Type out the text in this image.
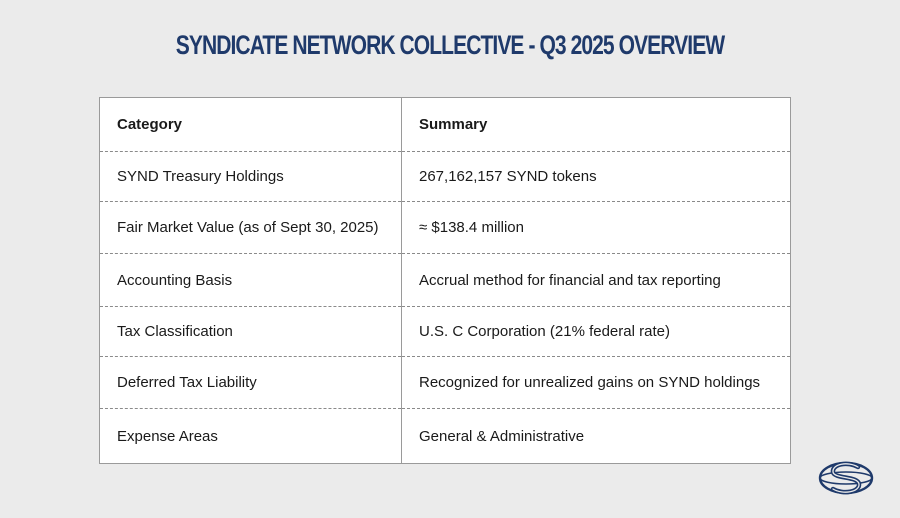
SYNDICATE NETWORK COLLECTIVE - Q3 2025 OVERVIEW
Category	Summary
SYND Treasury Holdings	267,162,157 SYND tokens
Fair Market Value (as of Sept 30, 2025)	≈ $138.4 million
Accounting Basis	Accrual method for financial and tax reporting
Tax Classification	U.S. C Corporation (21% federal rate)
Deferred Tax Liability	Recognized for unrealized gains on SYND holdings
Expense Areas	General & Administrative
